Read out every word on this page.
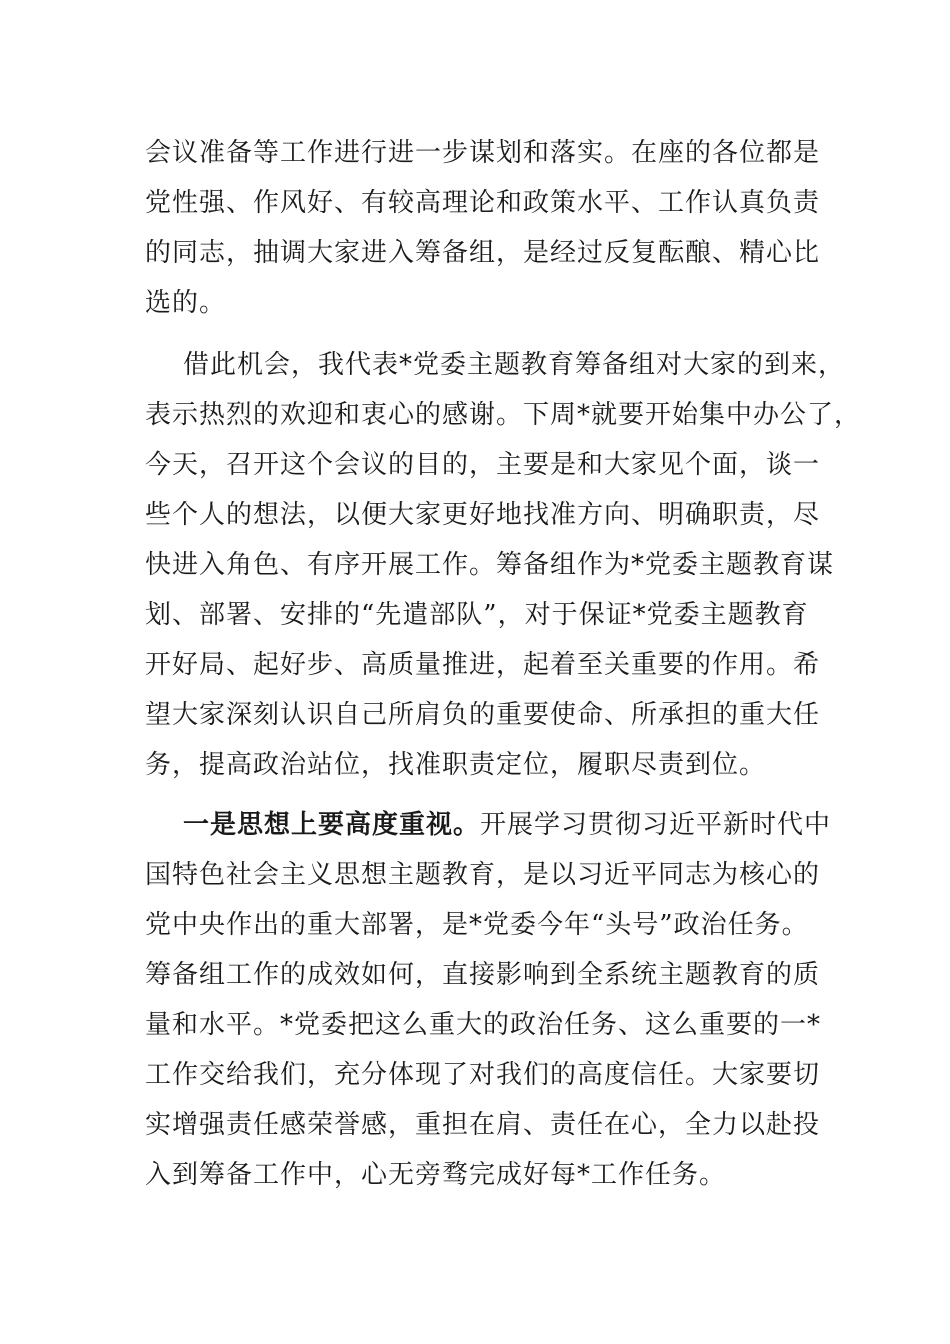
会议准备等工作进行进一步谋划和落实。在座的各位都是
党性强、作风好、有较高理论和政策水平、工作认真负责
的同志，抽调大家进入筹备组，是经过反复酝酿、精心比
选的。
借此机会，我代表*党委主题教育筹备组对大家的到来，
表示热烈的欢迎和衷心的感谢。下周*就要开始集中办公了，
今天，召开这个会议的目的，主要是和大家见个面，谈一
些个人的想法，以便大家更好地找准方向、明确职责，尽
快进入角色、有序开展工作。筹备组作为*党委主题教育谋
划、部署、安排的“先遣部队”，对于保证*党委主题教育
开好局、起好步、高质量推进，起着至关重要的作用。希
望大家深刻认识自己所肩负的重要使命、所承担的重大任
务，提高政治站位，找准职责定位，履职尽责到位。
一是思想上要高度重视。开展学习贯彻习近平新时代中
国特色社会主义思想主题教育，是以习近平同志为核心的
党中央作出的重大部署，是*党委今年“头号”政治任务。
筹备组工作的成效如何，直接影响到全系统主题教育的质
量和水平。*党委把这么重大的政治任务、这么重要的一*
工作交给我们，充分体现了对我们的高度信任。大家要切
实增强责任感荣誉感，重担在肩、责任在心，全力以赴投
入到筹备工作中，心无旁骛完成好每*工作任务。
